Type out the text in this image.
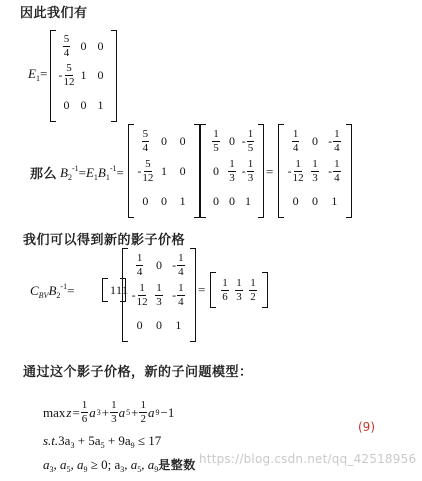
因此我们有
那么
我们可以得到新的影子价格
通过这个影子价格，新的子问题模型：
$E_1=$
$\frac{5}{4} 0$ 0
- $\frac{5}{12} 1$ 0
0 0 1
$B_2^{-1}=E_1B_1^{-1}=$
$\frac{5}{4} 0$ 0
- $\frac{5}{12} 1$ 0
0 0 1
$\frac{1}{5} 0 - \frac{1}{5}$
$0 \frac{1}{3} - \frac{1}{3}$
0 0 1
=
$\frac{1}{4} 0 - \frac{1}{4}$
- $\frac{1}{12} \frac{1}{3} - \frac{1}{4}$
0 0 1
$C_{BV}B_2^{-1}=$	1 1 1
$\frac{1}{4} 0 - \frac{1}{4}$
- $\frac{1}{12} \frac{1}{3} - \frac{1}{4}$
0 0 1
= $\frac{1}{6} \frac{1}{3} \frac{1}{2}$
$\max z = \frac{1}{6}$ a $3 + \frac{1}{3}$ a $5 + \frac{1}{2}$ a 9 −1
$s.t.3a_3 + 5a_5 + 9a_9 \le 17$
$a_3$, $a_5$, $a_9 \ge 0$; $a_3$, $a_5$, $a_9$是整数
(9)
https://blog.csdn.net/qq_42518956
